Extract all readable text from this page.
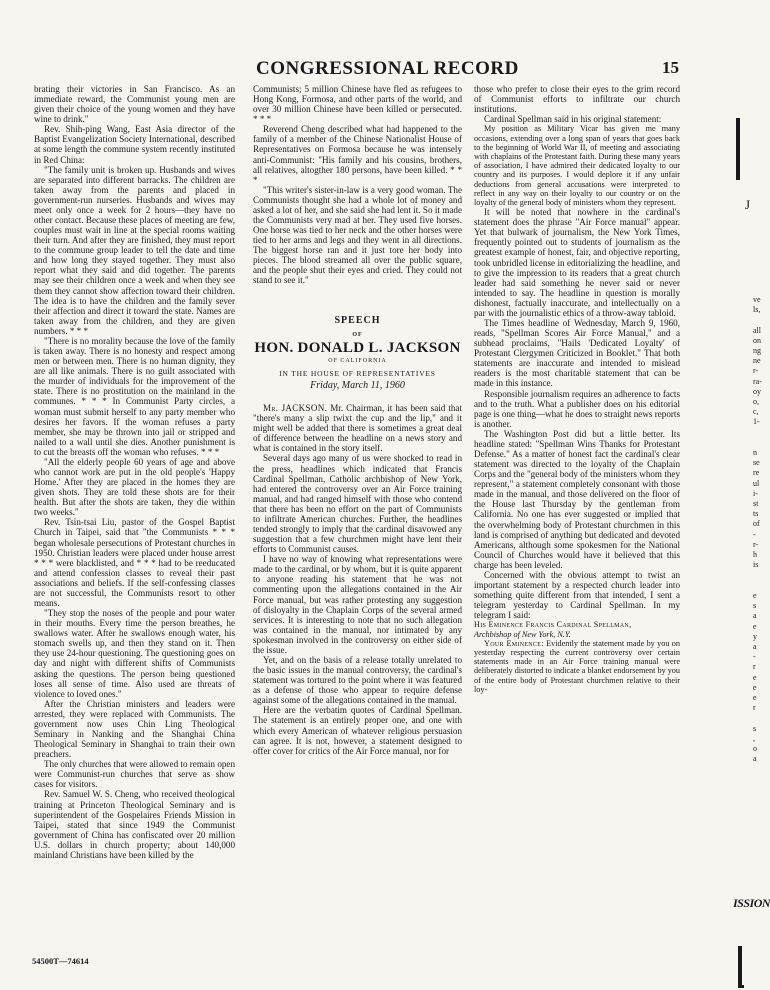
CONGRESSIONAL RECORD	15

brating their victories in San Francisco. As an immediate reward, the Communist young men are given their choice of the young women and they have wine to drink."

Rev. Shih-ping Wang, East Asia director of the Baptist Evangelization Society International, described at some length the commune system recently instituted in Red China:

"The family unit is broken up. Husbands and wives are separated into different barracks. The children are taken away from the parents and placed in government-run nurseries. Husbands and wives may meet only once a week for 2 hours—they have no other contact. Because these places of meeting are few, couples must wait in line at the special rooms waiting their turn. And after they are finished, they must report to the commune group leader to tell the date and time and how long they stayed together. They must also report what they said and did together. The parents may see their children once a week and when they see them they cannot show affection toward their children. The idea is to have the children and the family sever their affection and direct it toward the state. Names are taken away from the children, and they are given numbers. * * *

"There is no morality because the love of the family is taken away. There is no honesty and respect among men or between men. There is no human dignity, they are all like animals. There is no guilt associated with the murder of individuals for the improvement of the state. There is no prostitution on the mainland in the communes. * * * In Communist Party circles, a woman must submit herself to any party member who desires her favors. If the woman refuses a party member, she may be thrown into jail or stripped and nailed to a wall until she dies. Another punishment is to cut the breasts off the woman who refuses. * * *

"All the elderly people 60 years of age and above who cannot work are put in the old people's 'Happy Home.' After they are placed in the homes they are given shots. They are told these shots are for their health. But after the shots are taken, they die within two weeks."

Rev. Tsin-tsai Liu, pastor of the Gospel Baptist Church in Taipei, said that "the Communists * * * began wholesale persecutions of Protestant churches in 1950. Christian leaders were placed under house arrest * * * were blacklisted, and * * * had to be reeducated and attend confession classes to reveal their past associations and beliefs. If the self-confessing classes are not successful, the Communists resort to other means.

"They stop the noses of the people and pour water in their mouths. Every time the person breathes, he swallows water. After he swallows enough water, his stomach swells up, and then they stand on it. Then they use 24-hour questioning. The questioning goes on day and night with different shifts of Communists asking the questions. The person being questioned loses all sense of time. Also used are threats of violence to loved ones."

After the Christian ministers and leaders were arrested, they were replaced with Communists. The government now uses Chin Ling Theological Seminary in Nanking and the Shanghai China Theological Seminary in Shanghai to train their own preachers.

The only churches that were allowed to remain open were Communist-run churches that serve as show cases for visitors.

Rev. Samuel W. S. Cheng, who received theological training at Princeton Theological Seminary and is superintendent of the Gospelaires Friends Mission in Taipei, stated that since 1949 the Communist government of China has confiscated over 20 million U.S. dollars in church property; about 140,000 mainland Christians have been killed by the

Communists; 5 million Chinese have fled as refugees to Hong Kong, Formosa, and other parts of the world, and over 30 million Chinese have been killed or persecuted. * * *

Reverend Cheng described what had happened to the family of a member of the Chinese Nationalist House of Representatives on Formosa because he was intensely anti-Communist: "His family and his cousins, brothers, all relatives, altogther 180 persons, have been killed. * * *

"This writer's sister-in-law is a very good woman. The Communists thought she had a whole lot of money and asked a lot of her, and she said she had lent it. So it made the Communists very mad at her. They used five horses. One horse was tied to her neck and the other horses were tied to her arms and legs and they went in all directions. The biggest horse ran and it just tore her body into pieces. The blood streamed all over the public square, and the people shut their eyes and cried. They could not stand to see it."

SPEECH
OF
HON. DONALD L. JACKSON
OF CALIFORNIA
IN THE HOUSE OF REPRESENTATIVES
Friday, March 11, 1960

Mr. JACKSON. Mr. Chairman, it has been said that "there's many a slip twixt the cup and the lip," and it might well be added that there is sometimes a great deal of difference between the headline on a news story and what is contained in the story itself.

Several days ago many of us were shocked to read in the press, headlines which indicated that Francis Cardinal Spellman, Catholic archbishop of New York, had entered the controversy over an Air Force training manual, and had ranged himself with those who contend that there has been no effort on the part of Communists to infiltrate American churches. Further, the headlines tended strongly to imply that the cardinal disavowed any suggestion that a few churchmen might have lent their efforts to Communist causes.

I have no way of knowing what representations were made to the cardinal, or by whom, but it is quite apparent to anyone reading his statement that he was not commenting upon the allegations contained in the Air Force manual, but was rather protesting any suggestion of disloyalty in the Chaplain Corps of the several armed services. It is interesting to note that no such allegation was contained in the manual, nor intimated by any spokesman involved in the controversy on either side of the issue.

Yet, and on the basis of a release totally unrelated to the basic issues in the manual controversy, the cardinal's statement was tortured to the point where it was featured as a defense of those who appear to require defense against some of the allegations contained in the manual.

Here are the verbatim quotes of Cardinal Spellman. The statement is an entirely proper one, and one with which every American of whatever religious persuasion can agree. It is not, however, a statement designed to offer cover for critics of the Air Force manual, nor for

those who prefer to close their eyes to the grim record of Communist efforts to infiltrate our church institutions.

Cardinal Spellman said in his original statement:

My position as Military Vicar has given me many occasions, extending over a long span of years that goes back to the beginning of World War II, of meeting and associating with chaplains of the Protestant faith. During these many years of association, I have admired their dedicated loyalty to our country and its purposes. I would deplore it if any unfair deductions from general accusations were interpreted to reflect in any way on their loyalty to our country or on the loyalty of the general body of ministers whom they represent.

It will be noted that nowhere in the cardinal's statement does the phrase "Air Force manual" appear. Yet that bulwark of journalism, the New York Times, frequently pointed out to students of journalism as the greatest example of honest, fair, and objective reporting, took unbridled license in editorializing the headline, and to give the impression to its readers that a great church leader had said something he never said or never intended to say. The headline in question is morally dishonest, factually inaccurate, and intellectually on a par with the journalistic ethics of a throw-away tabloid.

The Times headline of Wednesday, March 9, 1960, reads, "Spellman Scores Air Force Manual," and a subhead proclaims, "Hails 'Dedicated Loyalty' of Protestant Clergymen Criticized in Booklet." That both statements are inaccurate and intended to mislead readers is the most charitable statement that can be made in this instance.

Responsible journalism requires an adherence to facts and to the truth. What a publisher does on his editorial page is one thing—what he does to straight news reports is another.

The Washington Post did but a little better. Its headline stated: "Spellman Wins Thanks for Protestant Defense." As a matter of honest fact the cardinal's clear statement was directed to the loyalty of the Chaplain Corps and the "general body of the ministers whom they represent," a statement completely consonant with those made in the manual, and those delivered on the floor of the House last Thursday by the gentleman from California. No one has ever suggested or implied that the overwhelming body of Protestant churchmen in this land is comprised of anything but dedicated and devoted Americans, although some spokesmen for the National Council of Churches would have it believed that this charge has been leveled.

Concerned with the obvious attempt to twist an important statement by a respected church leader into something quite different from that intended, I sent a telegram yesterday to Cardinal Spellman. In my telegram I said:

His Eminence Francis Cardinal Spellman,

Archbishop of New York, N.Y.

Your Eminence: Evidently the statement made by you on yesterday respecting the current controversy over certain statements made in an Air Force training manual were deliberately distorted to indicate a blanket endorsement by you of the entire body of Protestant churchmen relative to their loy-

54500T—74614
J
ve
ls,

all
on
ng
ne
r-
ra-
oy
o,
c,
1-

n
se
re
ul
i-
st
ts
of
-
r-
h
is

e
s
a
e
y
a
-
r
e
e
e
r

s
,
o
a
ISSION
